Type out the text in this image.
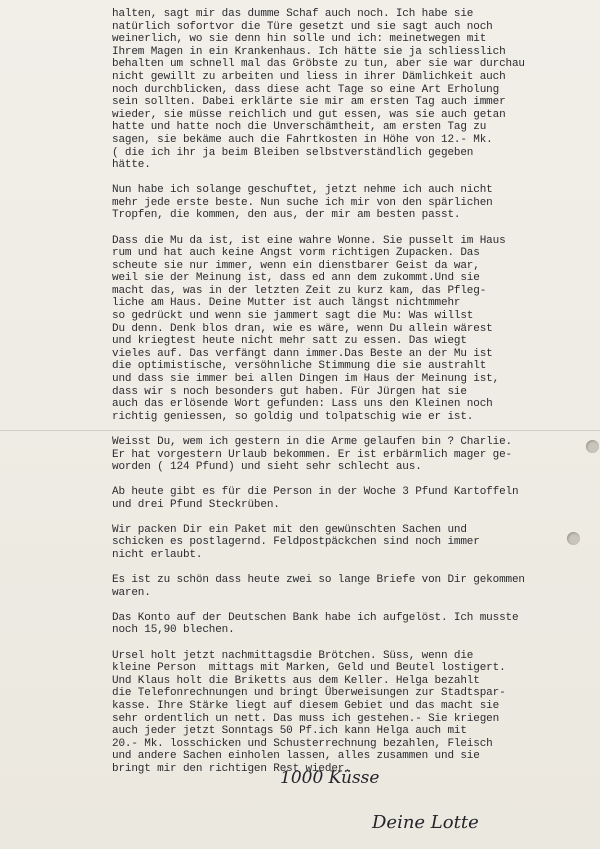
halten, sagt mir das dumme Schaf auch noch. Ich habe sie
natürlich sofortvor die Türe gesetzt und sie sagt auch noch
weinerlich, wo sie denn hin solle und ich: meinetwegen mit
Ihrem Magen in ein Krankenhaus. Ich hätte sie ja schliesslich
behalten um schnell mal das Gröbste zu tun, aber sie war durchau
nicht gewillt zu arbeiten und liess in ihrer Dämlichkeit auch
noch durchblicken, dass diese acht Tage so eine Art Erholung
sein sollten. Dabei erklärte sie mir am ersten Tag auch immer
wieder, sie müsse reichlich und gut essen, was sie auch getan
hatte und hatte noch die Unverschämtheit, am ersten Tag zu
sagen, sie bekäme auch die Fahrtkosten in Höhe von 12.- Mk.
( die ich ihr ja beim Bleiben selbstverständlich gegeben
hätte.
Nun habe ich solange geschuftet, jetzt nehme ich auch nicht
mehr jede erste beste. Nun suche ich mir von den spärlichen
Tropfen, die kommen, den aus, der mir am besten passt.
Dass die Mu da ist, ist eine wahre Wonne. Sie pusselt im Haus
rum und hat auch keine Angst vorm richtigen Zupacken. Das
scheute sie nur immer, wenn ein dienstbarer Geist da war,
weil sie der Meinung ist, dass ed ann dem zukommt.Und sie
macht das, was in der letzten Zeit zu kurz kam, das Pfleg-
liche am Haus. Deine Mutter ist auch längst nichtmmehr
so gedrückt und wenn sie jammert sagt die Mu: Was willst
Du denn. Denk blos dran, wie es wäre, wenn Du allein wärest
und kriegtest heute nicht mehr satt zu essen. Das wiegt
vieles auf. Das verfängt dann immer.Das Beste an der Mu ist
die optimistische, versöhnliche Stimmung die sie austrahlt
und dass sie immer bei allen Dingen im Haus der Meinung ist,
dass wir s noch besonders gut haben. Für Jürgen hat sie
auch das erlösende Wort gefunden: Lass uns den Kleinen noch
richtig geniessen, so goldig und tolpatschig wie er ist.
Weisst Du, wem ich gestern in die Arme gelaufen bin ? Charlie.
Er hat vorgestern Urlaub bekommen. Er ist erbärmlich mager ge-
worden ( 124 Pfund) und sieht sehr schlecht aus.
Ab heute gibt es für die Person in der Woche 3 Pfund Kartoffeln
und drei Pfund Steckrüben.
Wir packen Dir ein Paket mit den gewünschten Sachen und
schicken es postlagernd. Feldpostpäckchen sind noch immer
nicht erlaubt.
Es ist zu schön dass heute zwei so lange Briefe von Dir gekommen
waren.
Das Konto auf der Deutschen Bank habe ich aufgelöst. Ich musste
noch 15,90 blechen.
Ursel holt jetzt nachmittagsdie Brötchen. Süss, wenn die
kleine Person  mittags mit Marken, Geld und Beutel lostigert.
Und Klaus holt die Briketts aus dem Keller. Helga bezahlt
die Telefonrechnungen und bringt Überweisungen zur Stadtspar-
kasse. Ihre Stärke liegt auf diesem Gebiet und das macht sie
sehr ordentlich un nett. Das muss ich gestehen.- Sie kriegen
auch jeder jetzt Sonntags 50 Pf.ich kann Helga auch mit
20.- Mk. losschicken und Schusterrechnung bezahlen, Fleisch
und andere Sachen einholen lassen, alles zusammen und sie
bringt mir den richtigen Rest wieder.
1000 Küsse
Deine Lotte
